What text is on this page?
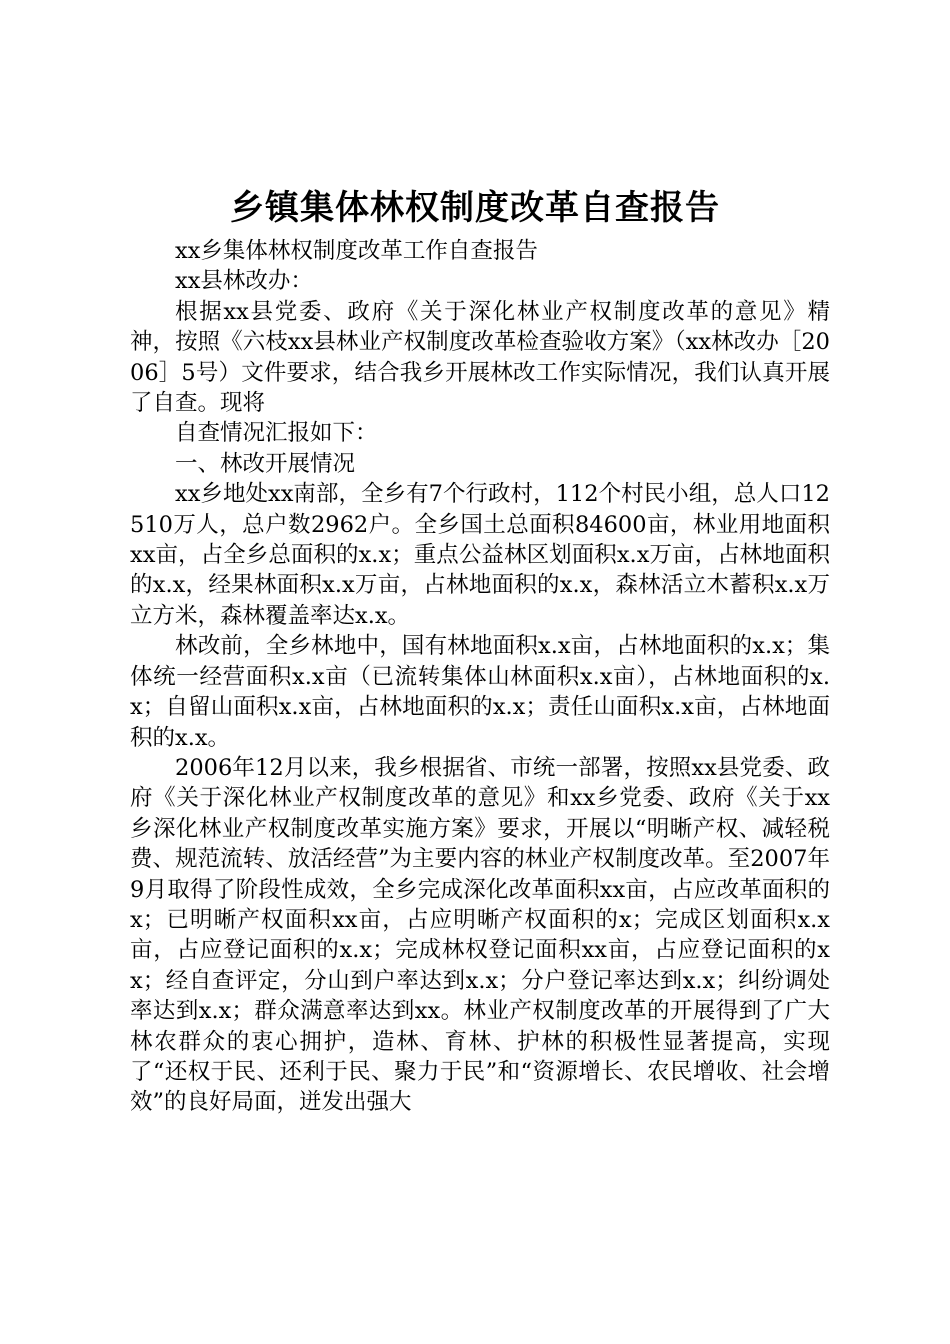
乡镇集体林权制度改革自查报告

xx乡集体林权制度改革工作自查报告

xx县林改办：

根据xx县党委、政府《关于深化林业产权制度改革的意见》精神，按照《六枝xx县林业产权制度改革检查验收方案》（xx林改办［2006］5号）文件要求，结合我乡开展林改工作实际情况，我们认真开展了自查。现将

自查情况汇报如下：

一、林改开展情况

xx乡地处xx南部，全乡有7个行政村，112个村民小组，总人口12510万人，总户数2962户。全乡国土总面积84600亩，林业用地面积xx亩，占全乡总面积的x.x；重点公益林区划面积x.x万亩，占林地面积的x.x，经果林面积x.x万亩，占林地面积的x.x，森林活立木蓄积x.x万立方米，森林覆盖率达x.x。

林改前，全乡林地中，国有林地面积x.x亩，占林地面积的x.x；集体统一经营面积x.x亩（已流转集体山林面积x.x亩），占林地面积的x.x；自留山面积x.x亩，占林地面积的x.x；责任山面积x.x亩，占林地面积的x.x。

2006年12月以来，我乡根据省、市统一部署，按照xx县党委、政府《关于深化林业产权制度改革的意见》和xx乡党委、政府《关于xx乡深化林业产权制度改革实施方案》要求，开展以“明晰产权、减轻税费、规范流转、放活经营”为主要内容的林业产权制度改革。至2007年9月取得了阶段性成效，全乡完成深化改革面积xx亩，占应改革面积的x；已明晰产权面积xx亩，占应明晰产权面积的x；完成区划面积x.x亩，占应登记面积的x.x；完成林权登记面积xx亩，占应登记面积的xx；经自查评定，分山到户率达到x.x；分户登记率达到x.x；纠纷调处率达到x.x；群众满意率达到xx。林业产权制度改革的开展得到了广大林农群众的衷心拥护，造林、育林、护林的积极性显著提高，实现了“还权于民、还利于民、聚力于民”和“资源增长、农民增收、社会增效”的良好局面，迸发出强大
